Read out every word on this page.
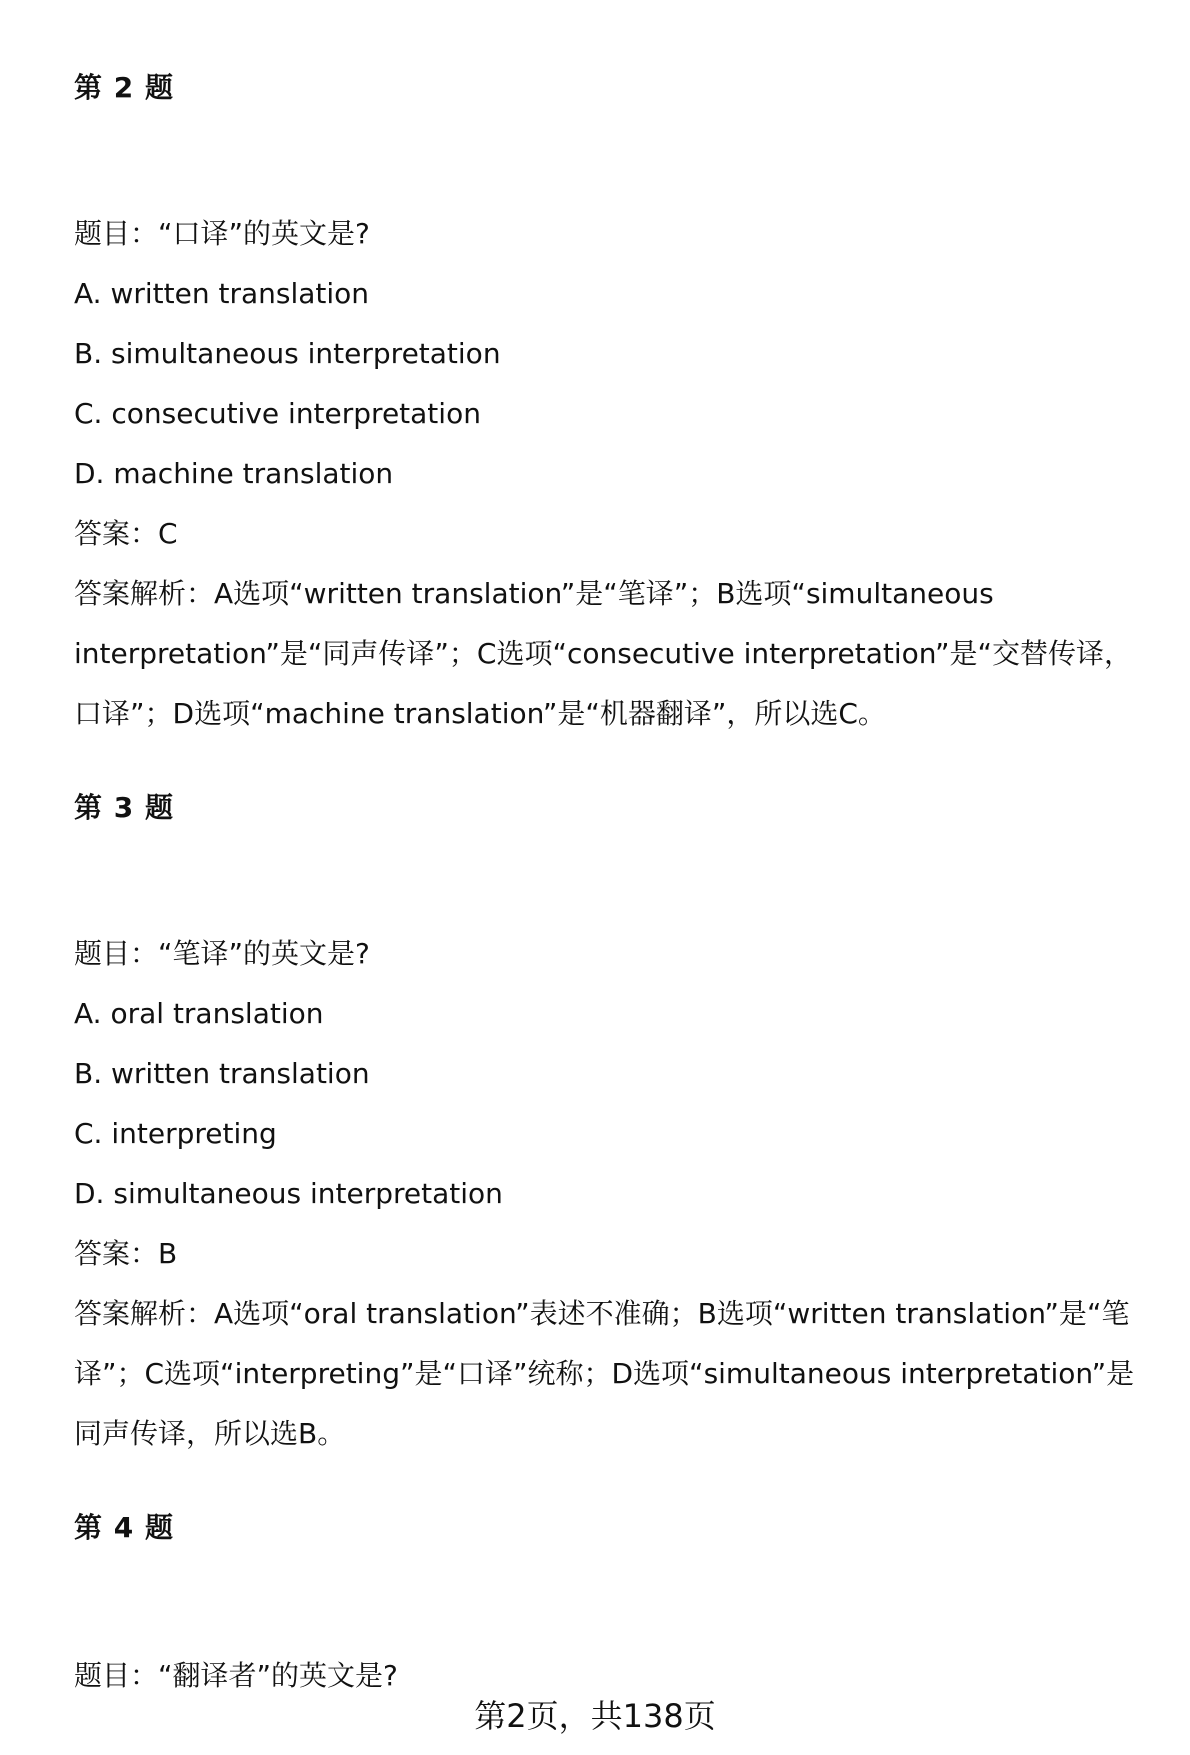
第 2 题
题目：“口译”的英文是?
A. written translation
B. simultaneous interpretation
C. consecutive interpretation
D. machine translation
答案：C
答案解析：A选项“written translation”是“笔译”；B选项“simultaneous interpretation”是“同声传译”；C选项“consecutive interpretation”是“交替传译，口译”；D选项“machine translation”是“机器翻译”，所以选C。
第 3 题
题目：“笔译”的英文是?
A. oral translation
B. written translation
C. interpreting
D. simultaneous interpretation
答案：B
答案解析：A选项“oral translation”表述不准确；B选项“written translation”是“笔译”；C选项“interpreting”是“口译”统称；D选项“simultaneous interpretation”是同声传译，所以选B。
第 4 题
题目：“翻译者”的英文是?
第2页，共138页
